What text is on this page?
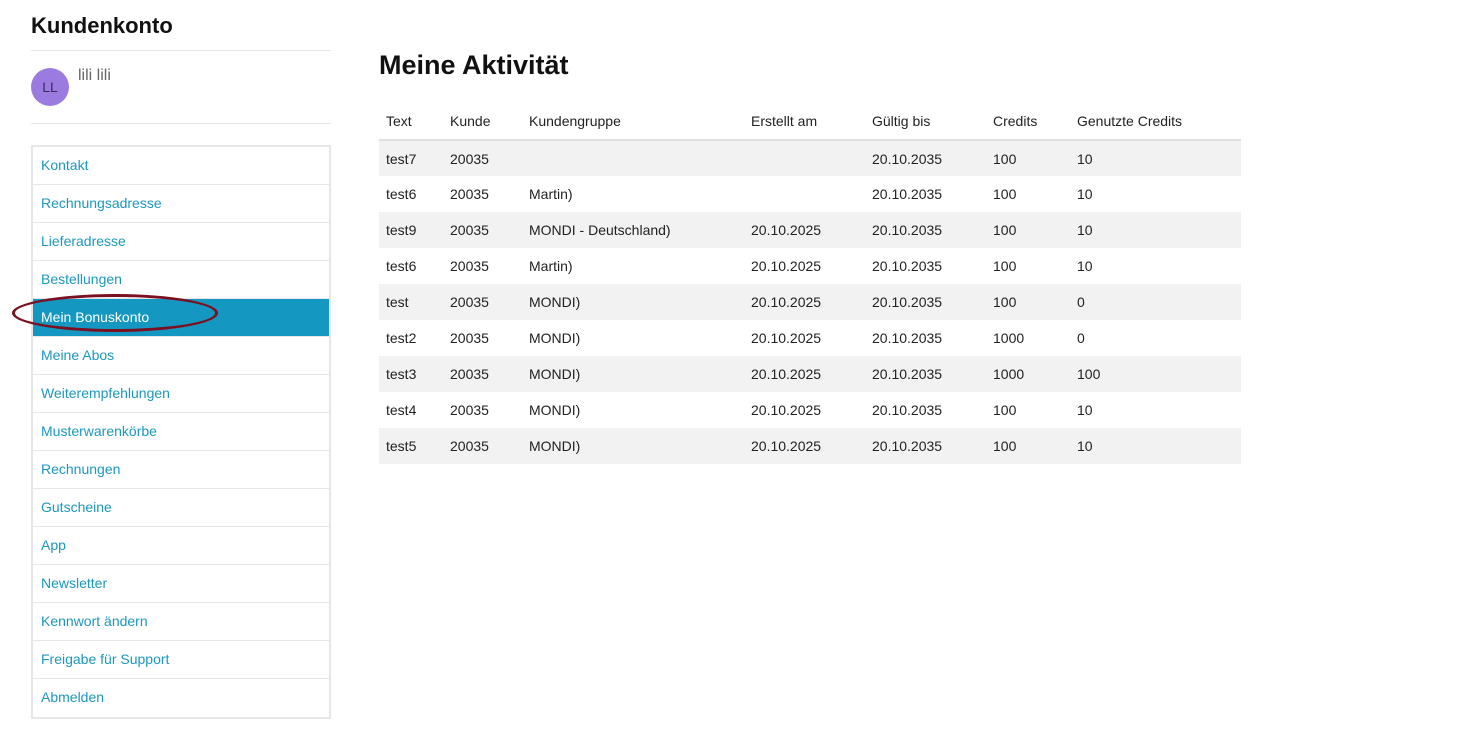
Kundenkonto
LL
lili lili
Kontakt
Rechnungsadresse
Lieferadresse
Bestellungen
Mein Bonuskonto
Meine Abos
Weiterempfehlungen
Musterwarenkörbe
Rechnungen
Gutscheine
App
Newsletter
Kennwort ändern
Freigabe für Support
Abmelden
Meine Aktivität
Text	Kunde	Kundengruppe	Erstellt am	Gültig bis	Credits	Genutzte Credits
test7	20035			20.10.2035	100	10
test6	20035	Martin)		20.10.2035	100	10
test9	20035	MONDI - Deutschland)	20.10.2025	20.10.2035	100	10
test6	20035	Martin)	20.10.2025	20.10.2035	100	10
test	20035	MONDI)	20.10.2025	20.10.2035	100	0
test2	20035	MONDI)	20.10.2025	20.10.2035	1000	0
test3	20035	MONDI)	20.10.2025	20.10.2035	1000	100
test4	20035	MONDI)	20.10.2025	20.10.2035	100	10
test5	20035	MONDI)	20.10.2025	20.10.2035	100	10
